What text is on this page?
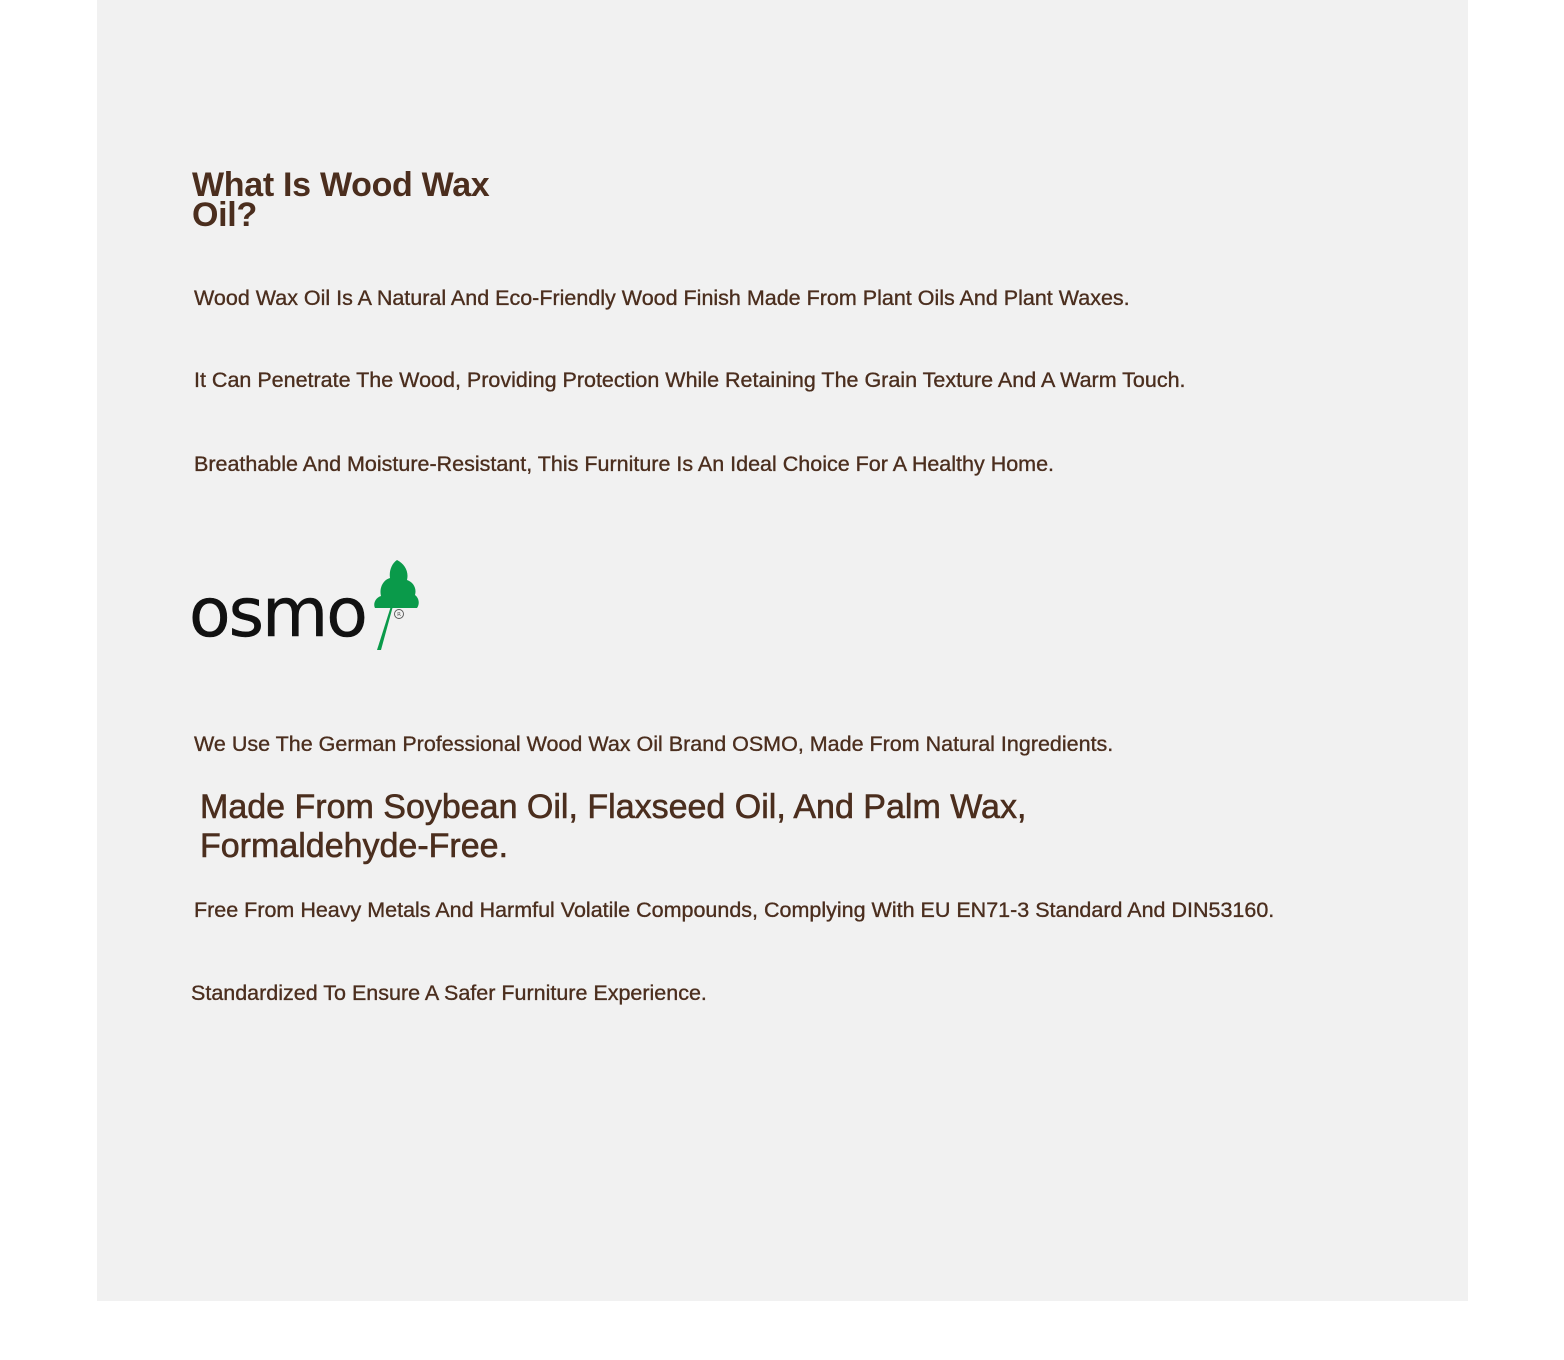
What Is Wood Wax Oil?

Wood Wax Oil Is A Natural And Eco-Friendly Wood Finish Made From Plant Oils And Plant Waxes.

It Can Penetrate The Wood, Providing Protection While Retaining The Grain Texture And A Warm Touch.

Breathable And Moisture-Resistant, This Furniture Is An Ideal Choice For A Healthy Home.

osmo	R

We Use The German Professional Wood Wax Oil Brand OSMO, Made From Natural Ingredients.

Made From Soybean Oil, Flaxseed Oil, And Palm Wax, Formaldehyde-Free.

Free From Heavy Metals And Harmful Volatile Compounds, Complying With EU EN71-3 Standard And DIN53160.

Standardized To Ensure A Safer Furniture Experience.
